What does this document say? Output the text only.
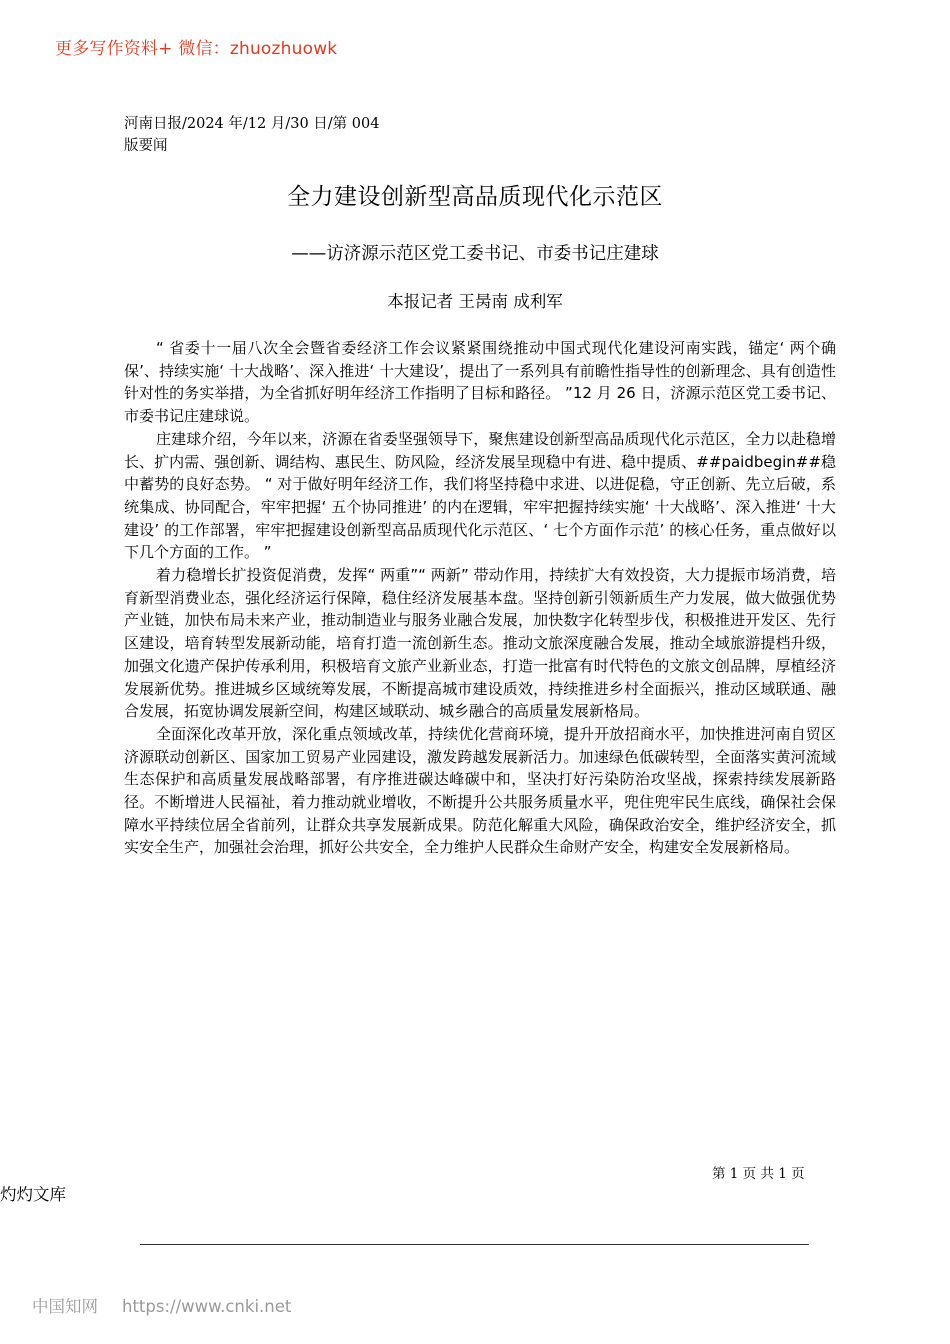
更多写作资料+ 微信：zhuozhuowk
河南日报/2024 年/12 月/30 日/第 004
版要闻
全力建设创新型高品质现代化示范区
——访济源示范区党工委书记、市委书记庄建球
本报记者 王昺南 成利军

“ 省委十一届八次全会暨省委经济工作会议紧紧围绕推动中国式现代化建设河南实践，锚定‘ 两个确保’、持续实施‘ 十大战略’、深入推进‘ 十大建设’，提出了一系列具有前瞻性指导性的创新理念、具有创造性针对性的务实举措，为全省抓好明年经济工作指明了目标和路径。 ”12 月 26 日，济源示范区党工委书记、市委书记庄建球说。

庄建球介绍，今年以来，济源在省委坚强领导下，聚焦建设创新型高品质现代化示范区，全力以赴稳增长、扩内需、强创新、调结构、惠民生、防风险，经济发展呈现稳中有进、稳中提质、##paidbegin##稳中蓄势的良好态势。 “ 对于做好明年经济工作，我们将坚持稳中求进、以进促稳，守正创新、先立后破，系统集成、协同配合，牢牢把握‘ 五个协同推进’ 的内在逻辑，牢牢把握持续实施‘ 十大战略’、深入推进‘ 十大建设’ 的工作部署，牢牢把握建设创新型高品质现代化示范区、‘ 七个方面作示范’ 的核心任务，重点做好以下几个方面的工作。 ”

着力稳增长扩投资促消费，发挥“ 两重”“ 两新” 带动作用，持续扩大有效投资，大力提振市场消费，培育新型消费业态，强化经济运行保障，稳住经济发展基本盘。坚持创新引领新质生产力发展，做大做强优势产业链，加快布局未来产业，推动制造业与服务业融合发展，加快数字化转型步伐，积极推进开发区、先行区建设，培育转型发展新动能，培育打造一流创新生态。推动文旅深度融合发展，推动全域旅游提档升级，加强文化遗产保护传承利用，积极培育文旅产业新业态，打造一批富有时代特色的文旅文创品牌，厚植经济发展新优势。推进城乡区域统筹发展，不断提高城市建设质效，持续推进乡村全面振兴，推动区域联通、融合发展，拓宽协调发展新空间，构建区域联动、城乡融合的高质量发展新格局。

全面深化改革开放，深化重点领域改革，持续优化营商环境，提升开放招商水平，加快推进河南自贸区济源联动创新区、国家加工贸易产业园建设，激发跨越发展新活力。加速绿色低碳转型，全面落实黄河流域生态保护和高质量发展战略部署，有序推进碳达峰碳中和，坚决打好污染防治攻坚战，探索持续发展新路径。不断增进人民福祉，着力推动就业增收，不断提升公共服务质量水平，兜住兜牢民生底线，确保社会保障水平持续位居全省前列，让群众共享发展新成果。防范化解重大风险，确保政治安全，维护经济安全，抓实安全生产，加强社会治理，抓好公共安全，全力维护人民群众生命财产安全，构建安全发展新格局。

第 1 页 共 1 页
灼灼文库
中国知网 https://www.cnki.net
